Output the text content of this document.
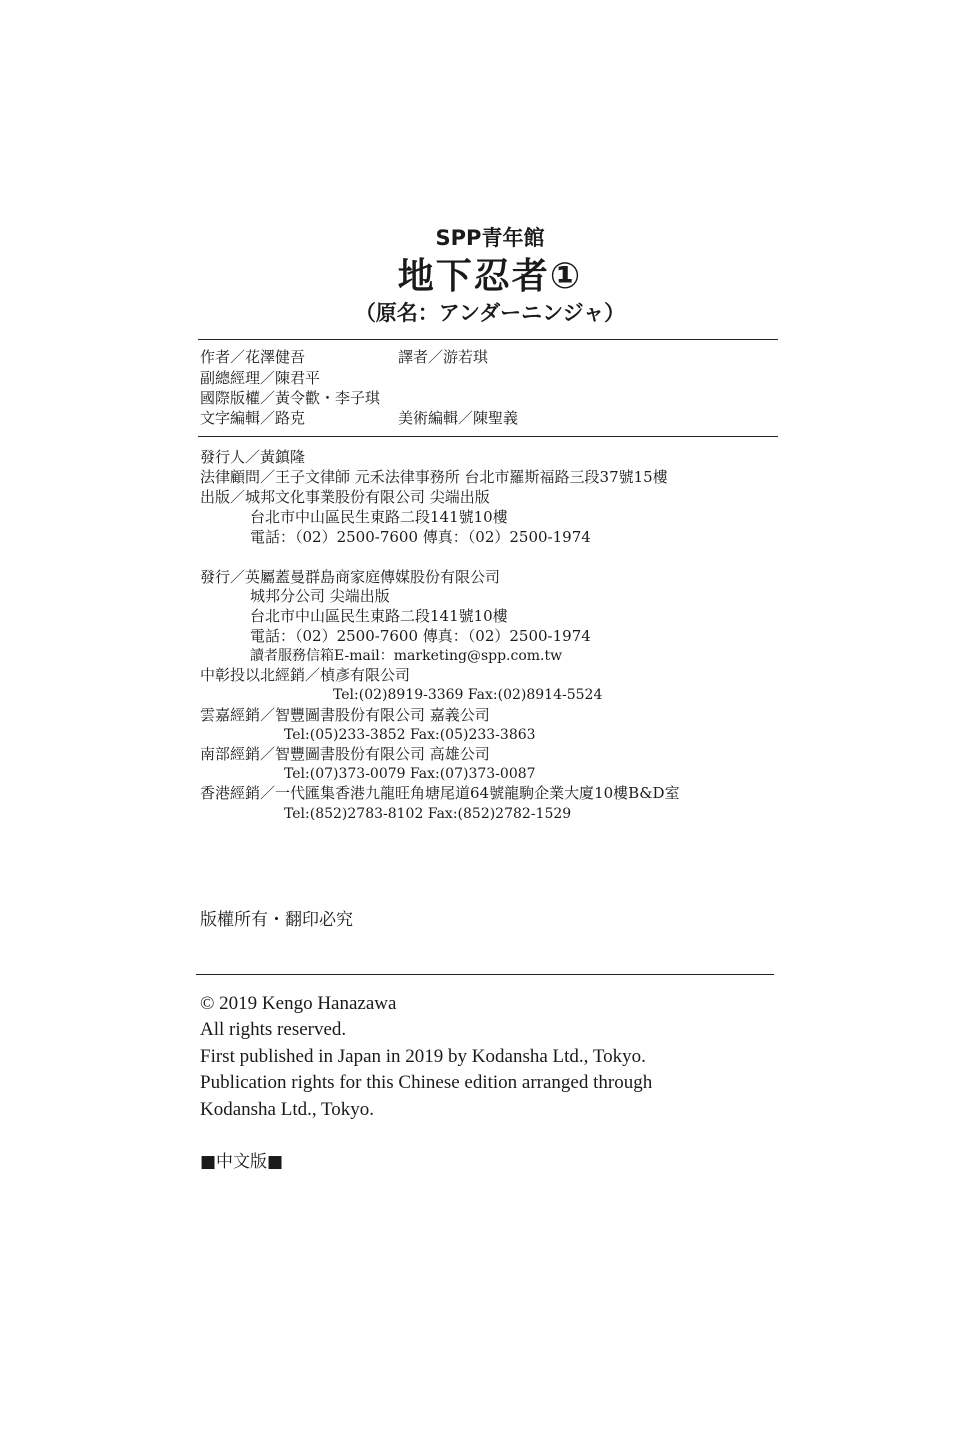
SPP青年館
地下忍者①
（原名：アンダーニンジャ）
作者／花澤健吾	譯者／游若琪
副總經理／陳君平
國際版權／黃令歡・李子琪
文字編輯／路克	美術編輯／陳聖義
發行人／黃鎮隆
法律顧問／王子文律師 元禾法律事務所 台北市羅斯福路三段37號15樓
出版／城邦文化事業股份有限公司 尖端出版
台北市中山區民生東路二段141號10樓
電話：（02）2500-7600 傳真：（02）2500-1974
發行／英屬蓋曼群島商家庭傳媒股份有限公司
城邦分公司 尖端出版
台北市中山區民生東路二段141號10樓
電話：（02）2500-7600 傳真：（02）2500-1974
讀者服務信箱E-mail：marketing@spp.com.tw
中彰投以北經銷／楨彥有限公司
Tel:(02)8919-3369 Fax:(02)8914-5524
雲嘉經銷／智豐圖書股份有限公司 嘉義公司
Tel:(05)233-3852 Fax:(05)233-3863
南部經銷／智豐圖書股份有限公司 高雄公司
Tel:(07)373-0079 Fax:(07)373-0087
香港經銷／一代匯集香港九龍旺角塘尾道64號龍駒企業大廈10樓B&D室
Tel:(852)2783-8102 Fax:(852)2782-1529
版權所有・翻印必究
© 2019 Kengo Hanazawa
All rights reserved.
First published in Japan in 2019 by Kodansha Ltd., Tokyo.
Publication rights for this Chinese edition arranged through
Kodansha Ltd., Tokyo.
■中文版■
